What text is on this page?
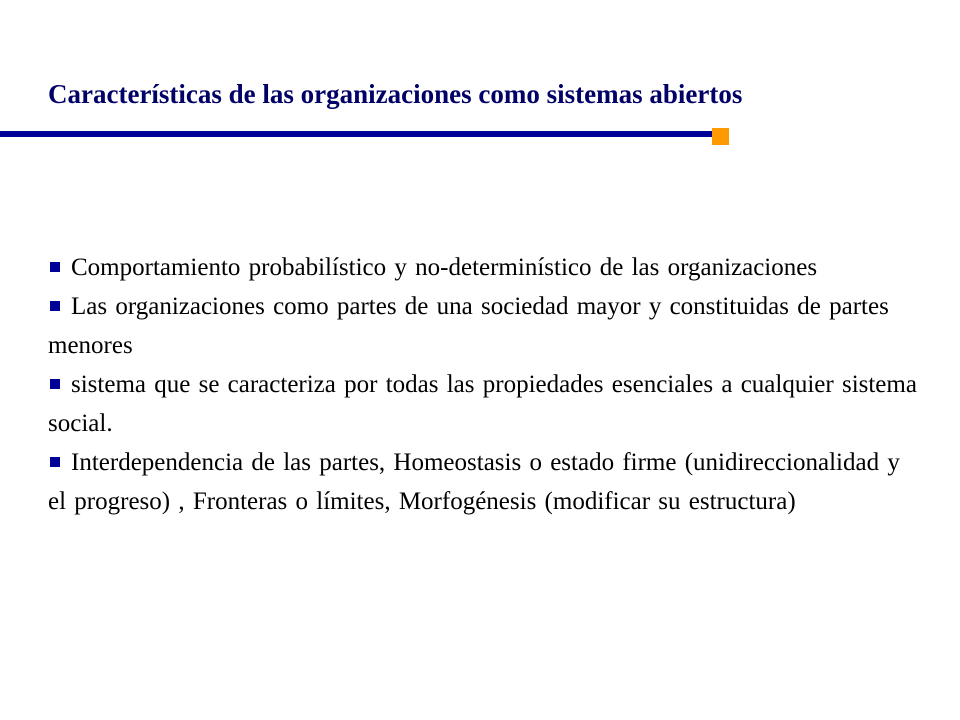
Características de las organizaciones como sistemas abiertos
Comportamiento probabilístico y no-determinístico de las organizaciones
Las organizaciones como partes de una sociedad mayor y constituidas de partes menores
sistema que se caracteriza por todas las propiedades esenciales a cualquier sistema social.
Interdependencia de las partes, Homeostasis o estado firme (unidireccionalidad y el progreso) , Fronteras o límites, Morfogénesis (modificar su estructura)
